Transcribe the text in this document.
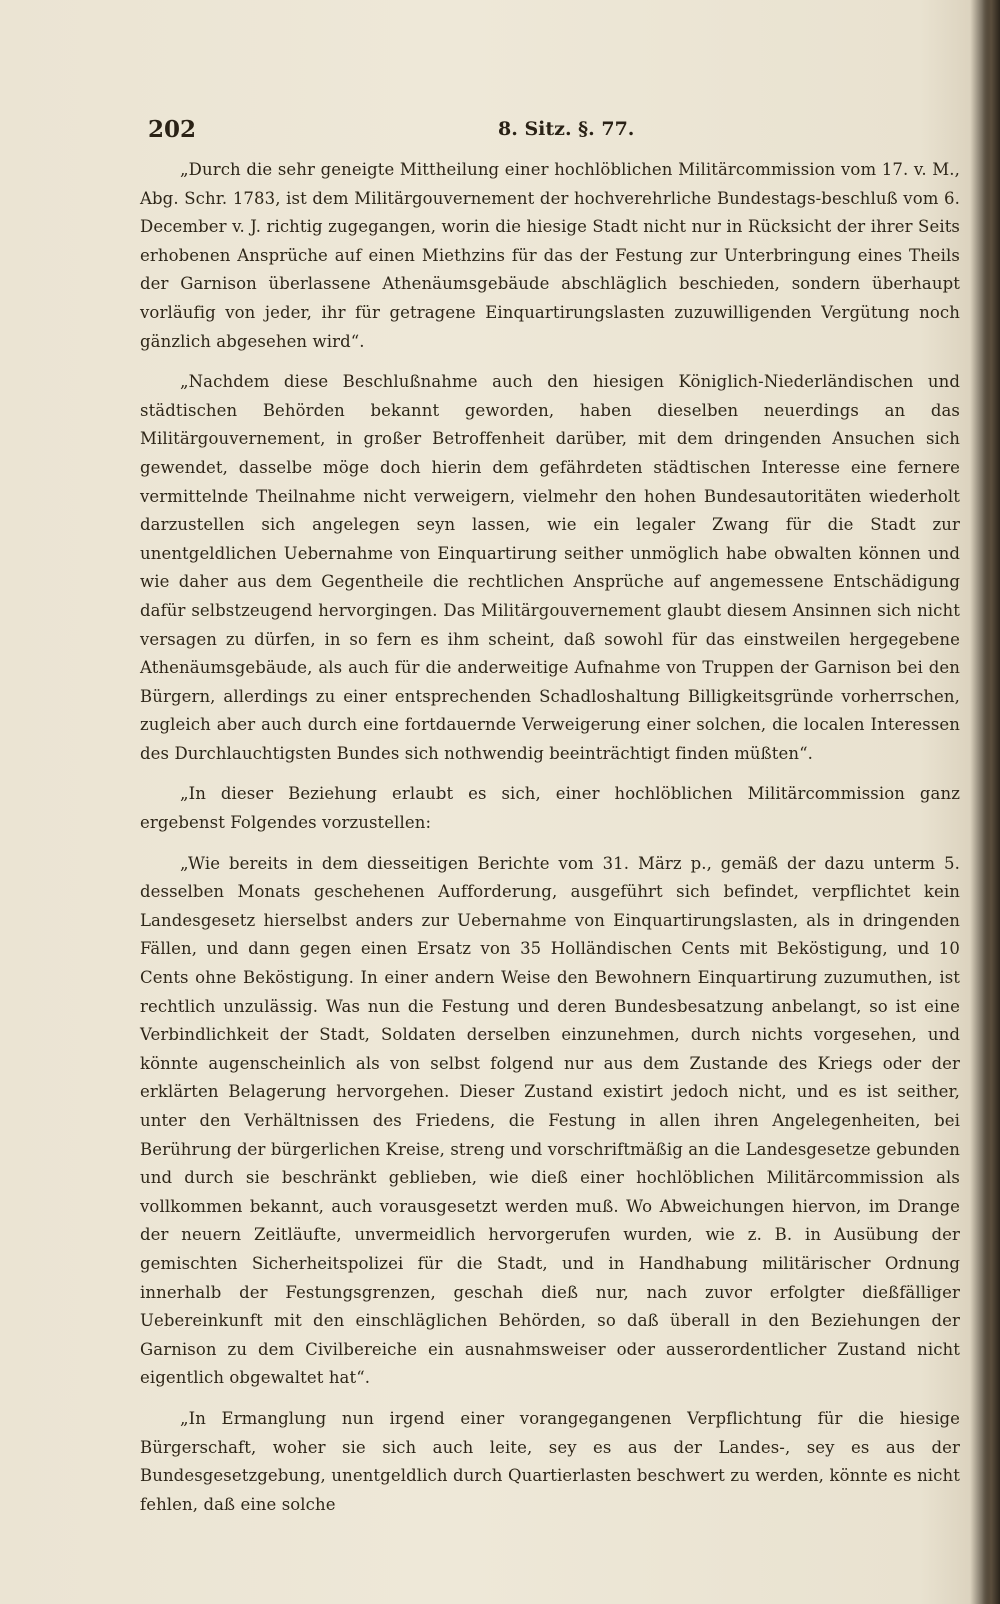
202	8. Sitz. §. 77.

„Durch die sehr geneigte Mittheilung einer hochlöblichen Militärcommission vom 17. v. M., Abg. Schr. 1783, ist dem Militärgouvernement der hochverehrliche Bundestags-beschluß vom 6. December v. J. richtig zugegangen, worin die hiesige Stadt nicht nur in Rücksicht der ihrer Seits erhobenen Ansprüche auf einen Miethzins für das der Festung zur Unterbringung eines Theils der Garnison überlassene Athenäumsgebäude abschläglich beschieden, sondern überhaupt vorläufig von jeder, ihr für getragene Einquartirungslasten zuzuwilligenden Vergütung noch gänzlich abgesehen wird“.

„Nachdem diese Beschlußnahme auch den hiesigen Königlich-Niederländischen und städtischen Behörden bekannt geworden, haben dieselben neuerdings an das Militärgouvernement, in großer Betroffenheit darüber, mit dem dringenden Ansuchen sich gewendet, dasselbe möge doch hierin dem gefährdeten städtischen Interesse eine fernere vermittelnde Theilnahme nicht verweigern, vielmehr den hohen Bundesautoritäten wiederholt darzustellen sich angelegen seyn lassen, wie ein legaler Zwang für die Stadt zur unentgeldlichen Uebernahme von Einquartirung seither unmöglich habe obwalten können und wie daher aus dem Gegentheile die rechtlichen Ansprüche auf angemessene Entschädigung dafür selbstzeugend hervorgingen. Das Militärgouvernement glaubt diesem Ansinnen sich nicht versagen zu dürfen, in so fern es ihm scheint, daß sowohl für das einstweilen hergegebene Athenäumsgebäude, als auch für die anderweitige Aufnahme von Truppen der Garnison bei den Bürgern, allerdings zu einer entsprechenden Schadloshaltung Billigkeitsgründe vorherrschen, zugleich aber auch durch eine fortdauernde Verweigerung einer solchen, die localen Interessen des Durchlauchtigsten Bundes sich nothwendig beeinträchtigt finden müßten“.

„In dieser Beziehung erlaubt es sich, einer hochlöblichen Militärcommission ganz ergebenst Folgendes vorzustellen:

„Wie bereits in dem diesseitigen Berichte vom 31. März p., gemäß der dazu unterm 5. desselben Monats geschehenen Aufforderung, ausgeführt sich befindet, verpflichtet kein Landesgesetz hierselbst anders zur Uebernahme von Einquartirungslasten, als in dringenden Fällen, und dann gegen einen Ersatz von 35 Holländischen Cents mit Beköstigung, und 10 Cents ohne Beköstigung. In einer andern Weise den Bewohnern Einquartirung zuzumuthen, ist rechtlich unzulässig. Was nun die Festung und deren Bundesbesatzung anbelangt, so ist eine Verbindlichkeit der Stadt, Soldaten derselben einzunehmen, durch nichts vorgesehen, und könnte augenscheinlich als von selbst folgend nur aus dem Zustande des Kriegs oder der erklärten Belagerung hervorgehen. Dieser Zustand existirt jedoch nicht, und es ist seither, unter den Verhältnissen des Friedens, die Festung in allen ihren Angelegenheiten, bei Berührung der bürgerlichen Kreise, streng und vorschriftmäßig an die Landesgesetze gebunden und durch sie beschränkt geblieben, wie dieß einer hochlöblichen Militärcommission als vollkommen bekannt, auch vorausgesetzt werden muß. Wo Abweichungen hiervon, im Drange der neuern Zeitläufte, unvermeidlich hervorgerufen wurden, wie z. B. in Ausübung der gemischten Sicherheitspolizei für die Stadt, und in Handhabung militärischer Ordnung innerhalb der Festungsgrenzen, geschah dieß nur, nach zuvor erfolgter dießfälliger Uebereinkunft mit den einschläglichen Behörden, so daß überall in den Beziehungen der Garnison zu dem Civilbereiche ein ausnahmsweiser oder ausserordentlicher Zustand nicht eigentlich obgewaltet hat“.

„In Ermanglung nun irgend einer vorangegangenen Verpflichtung für die hiesige Bürgerschaft, woher sie sich auch leite, sey es aus der Landes-, sey es aus der Bundesgesetzgebung, unentgeldlich durch Quartierlasten beschwert zu werden, könnte es nicht fehlen, daß eine solche
